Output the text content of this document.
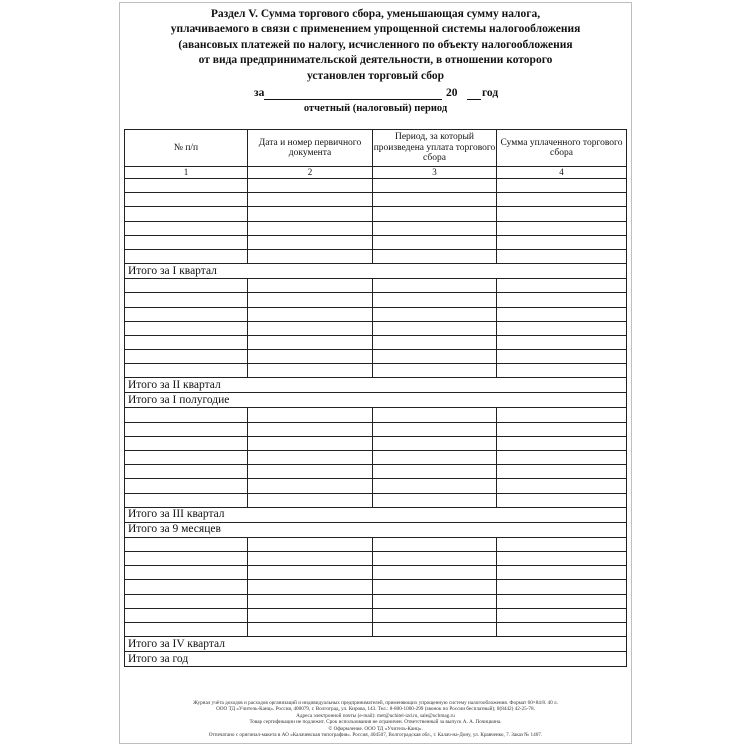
Раздел V. Сумма торгового сбора, уменьшающая сумму налога,
уплачиваемого в связи с применением упрощенной системы налогообложения
(авансовых платежей по налогу, исчисленного по объекту налогообложения
от вида предпринимательской деятельности, в отношении которого
установлен торговый сбор
за	20 год
отчетный (налоговый) период
№ п/п	Дата и номер первичного документа	Период, за который произведена уплата торгового сбора	Сумма уплаченного торгового сбора
1	2	3	4

Итого за I квартал			

Итого за II квартал			
Итого за I полугодие			

Итого за III квартал			
Итого за 9 месяцев			

Итого за IV квартал			
Итого за год			
Журнал учёта доходов и расходов организаций и индивидуальных предпринимателей, применяющих упрощенную систему налогообложения. Формат 60×84/8. 40 л.
ООО ТД «Учитель-Канц». Россия, 400079, г. Волгоград, ул. Кирова, 143. Тел.: 8-800-1000-299 (звонок по России бесплатный); 8(8442) 42-25-78.
Адреса электронной почты (e-mail): met@uchitel-izd.ru, sale@uchmag.ru
Товар сертификации не подлежит. Срок использования не ограничен. Ответственный за выпуск А. А. Почицкина.
© Оформление. ООО ТД «Учитель-Канц».
Отпечатано с оригинал-макета в АО «Калачевская типография». Россия, 404507, Волгоградская обл., г. Калач-на-Дону, ул. Кравченко, 7. Заказ № 1407.
